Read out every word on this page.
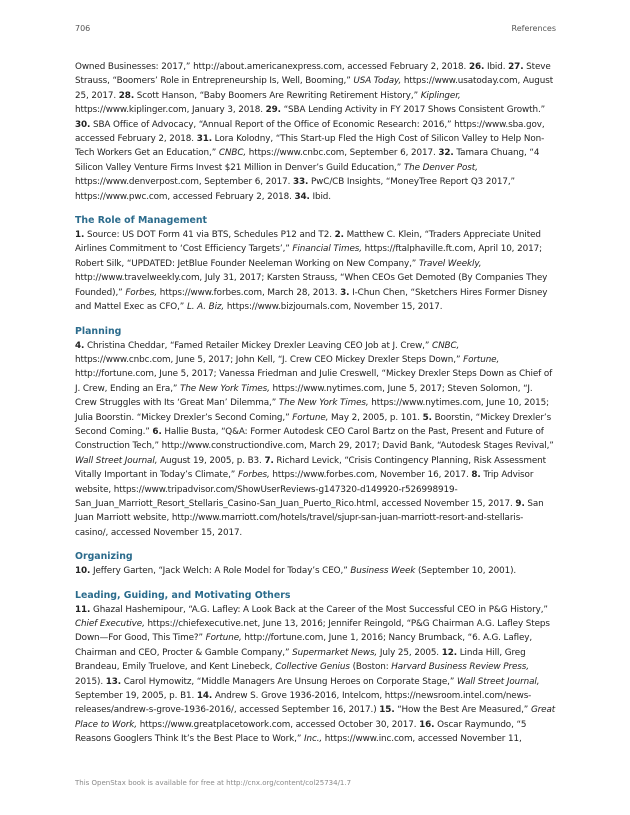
706	References

Owned Businesses: 2017,” http://about.americanexpress.com, accessed February 2, 2018. 26. Ibid. 27. Steve Strauss, “Boomers’ Role in Entrepreneurship Is, Well, Booming,” USA Today, https://www.usatoday.com, August 25, 2017. 28. Scott Hanson, “Baby Boomers Are Rewriting Retirement History,” Kiplinger, https://www.kiplinger.com, January 3, 2018. 29. “SBA Lending Activity in FY 2017 Shows Consistent Growth.” 30. SBA Office of Advocacy, “Annual Report of the Office of Economic Research: 2016,” https://www.sba.gov, accessed February 2, 2018. 31. Lora Kolodny, “This Start-up Fled the High Cost of Silicon Valley to Help Non-Tech Workers Get an Education,” CNBC, https://www.cnbc.com, September 6, 2017. 32. Tamara Chuang, “4 Silicon Valley Venture Firms Invest $21 Million in Denver’s Guild Education,” The Denver Post, https://www.denverpost.com, September 6, 2017. 33. PwC/CB Insights, “MoneyTree Report Q3 2017,” https://www.pwc.com, accessed February 2, 2018. 34. Ibid.

The Role of Management

1. Source: US DOT Form 41 via BTS, Schedules P12 and T2. 2. Matthew C. Klein, “Traders Appreciate United Airlines Commitment to ‘Cost Efficiency Targets’,” Financial Times, https://ftalphaville.ft.com, April 10, 2017; Robert Silk, “UPDATED: JetBlue Founder Neeleman Working on New Company,” Travel Weekly, http://www.travelweekly.com, July 31, 2017; Karsten Strauss, “When CEOs Get Demoted (By Companies They Founded),” Forbes, https://www.forbes.com, March 28, 2013. 3. I-Chun Chen, “Sketchers Hires Former Disney and Mattel Exec as CFO,” L. A. Biz, https://www.bizjournals.com, November 15, 2017.

Planning

4. Christina Cheddar, “Famed Retailer Mickey Drexler Leaving CEO Job at J. Crew,” CNBC, https://www.cnbc.com, June 5, 2017; John Kell, “J. Crew CEO Mickey Drexler Steps Down,” Fortune, http://fortune.com, June 5, 2017; Vanessa Friedman and Julie Creswell, “Mickey Drexler Steps Down as Chief of J. Crew, Ending an Era,” The New York Times, https://www.nytimes.com, June 5, 2017; Steven Solomon, “J. Crew Struggles with Its ‘Great Man’ Dilemma,” The New York Times, https://www.nytimes.com, June 10, 2015; Julia Boorstin. “Mickey Drexler’s Second Coming,” Fortune, May 2, 2005, p. 101. 5. Boorstin, “Mickey Drexler’s Second Coming.” 6. Hallie Busta, “Q&A: Former Autodesk CEO Carol Bartz on the Past, Present and Future of Construction Tech,” http://www.constructiondive.com, March 29, 2017; David Bank, “Autodesk Stages Revival,” Wall Street Journal, August 19, 2005, p. B3. 7. Richard Levick, “Crisis Contingency Planning, Risk Assessment Vitally Important in Today’s Climate,” Forbes, https://www.forbes.com, November 16, 2017. 8. Trip Advisor website, https://www.tripadvisor.com/ShowUserReviews-g147320-d149920-r526998919-San_Juan_Marriott_Resort_Stellaris_Casino-San_Juan_Puerto_Rico.html, accessed November 15, 2017. 9. San Juan Marriott website, http://www.marriott.com/hotels/travel/sjupr-san-juan-marriott-resort-and-stellaris-casino/, accessed November 15, 2017.

Organizing

10. Jeffery Garten, “Jack Welch: A Role Model for Today’s CEO,” Business Week (September 10, 2001).

Leading, Guiding, and Motivating Others

11. Ghazal Hashemipour, “A.G. Lafley: A Look Back at the Career of the Most Successful CEO in P&G History,” Chief Executive, https://chiefexecutive.net, June 13, 2016; Jennifer Reingold, “P&G Chairman A.G. Lafley Steps Down—For Good, This Time?” Fortune, http://fortune.com, June 1, 2016; Nancy Brumback, “6. A.G. Lafley, Chairman and CEO, Procter & Gamble Company,” Supermarket News, July 25, 2005. 12. Linda Hill, Greg Brandeau, Emily Truelove, and Kent Linebeck, Collective Genius (Boston: Harvard Business Review Press, 2015). 13. Carol Hymowitz, “Middle Managers Are Unsung Heroes on Corporate Stage,” Wall Street Journal, September 19, 2005, p. B1. 14. Andrew S. Grove 1936-2016, Intelcom, https://newsroom.intel.com/news-releases/andrew-s-grove-1936-2016/, accessed September 16, 2017.) 15. “How the Best Are Measured,” Great Place to Work, https://www.greatplacetowork.com, accessed October 30, 2017. 16. Oscar Raymundo, “5 Reasons Googlers Think It’s the Best Place to Work,” Inc., https://www.inc.com, accessed November 11,

This OpenStax book is available for free at http://cnx.org/content/col25734/1.7
